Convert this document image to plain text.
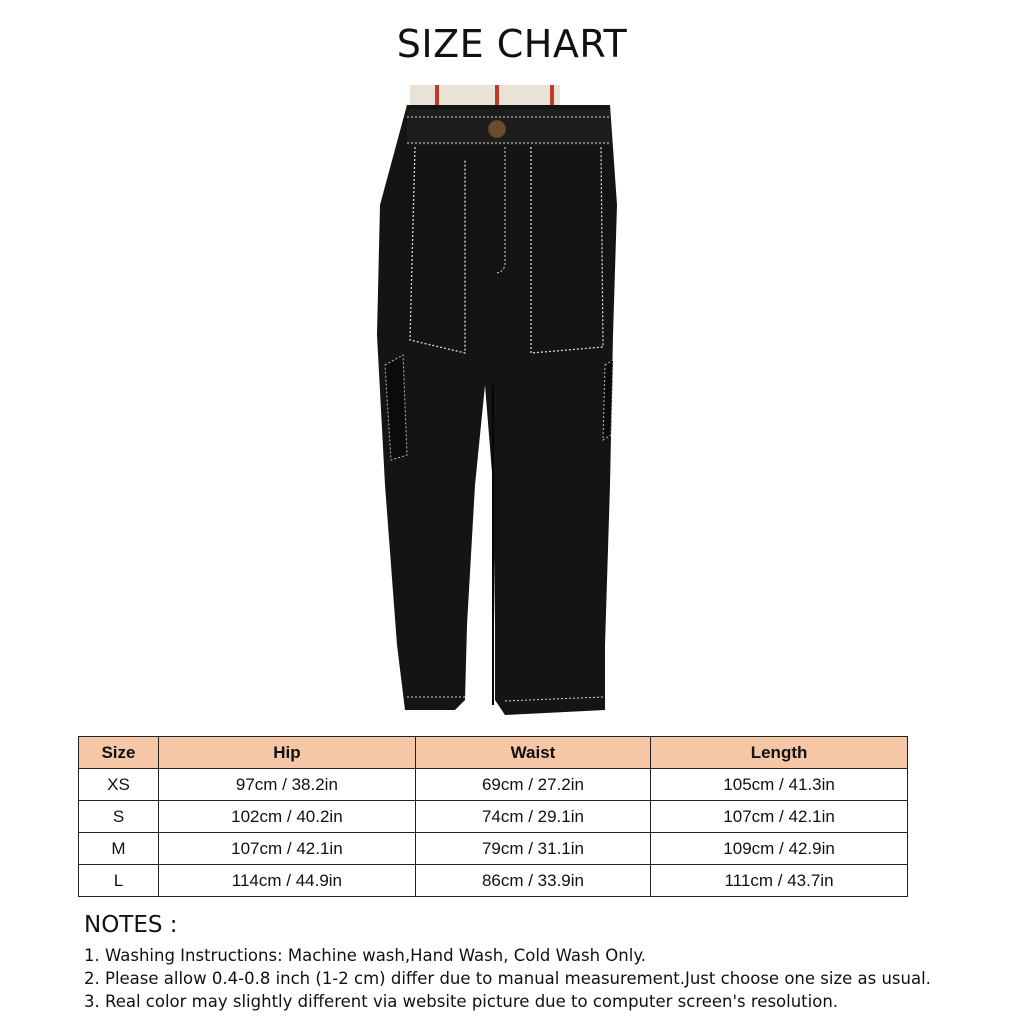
SIZE CHART
Size	Hip	Waist	Length
XS	97cm / 38.2in	69cm / 27.2in	105cm / 41.3in
S	102cm / 40.2in	74cm / 29.1in	107cm / 42.1in
M	107cm / 42.1in	79cm / 31.1in	109cm / 42.9in
L	114cm / 44.9in	86cm / 33.9in	111cm / 43.7in
NOTES :
1. Washing Instructions: Machine wash,Hand Wash, Cold Wash Only.
2. Please allow 0.4-0.8 inch (1-2 cm) differ due to manual measurement.Just choose one size as usual.
3. Real color may slightly different via website picture due to computer screen's resolution.
